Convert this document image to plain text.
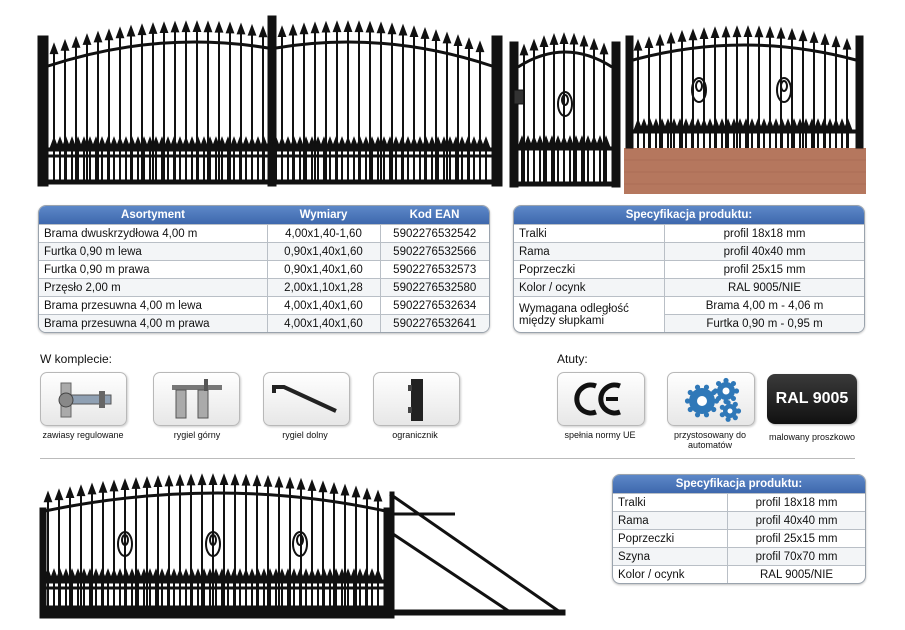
Asortyment	Wymiary	Kod EAN
Brama dwuskrzydłowa 4,00 m	4,00x1,40-1,60	5902276532542
Furtka 0,90 m lewa	0,90x1,40x1,60	5902276532566
Furtka 0,90 m prawa	0,90x1,40x1,60	5902276532573
Przęsło 2,00 m	2,00x1,10x1,28	5902276532580
Brama przesuwna 4,00 m lewa	4,00x1,40x1,60	5902276532634
Brama przesuwna 4,00 m prawa	4,00x1,40x1,60	5902276532641
Specyfikacja produktu:	
Tralki	profil 18x18 mm
Rama	profil 40x40 mm
Poprzeczki	profil 25x15 mm
Kolor / ocynk	RAL 9005/NIE
Wymagana odległość między słupkami	Brama 4,00 m - 4,06 m
	Furtka 0,90 m - 0,95 m
W komplecie:
zawiasy regulowane	rygiel górny	rygiel dolny	ogranicznik
Atuty:
spełnia normy UE	przystosowany do automatów
RAL 9005
malowany proszkowo
Specyfikacja produktu:	
Tralki	profil 18x18 mm
Rama	profil 40x40 mm
Poprzeczki	profil 25x15 mm
Szyna	profil 70x70 mm
Kolor / ocynk	RAL 9005/NIE
